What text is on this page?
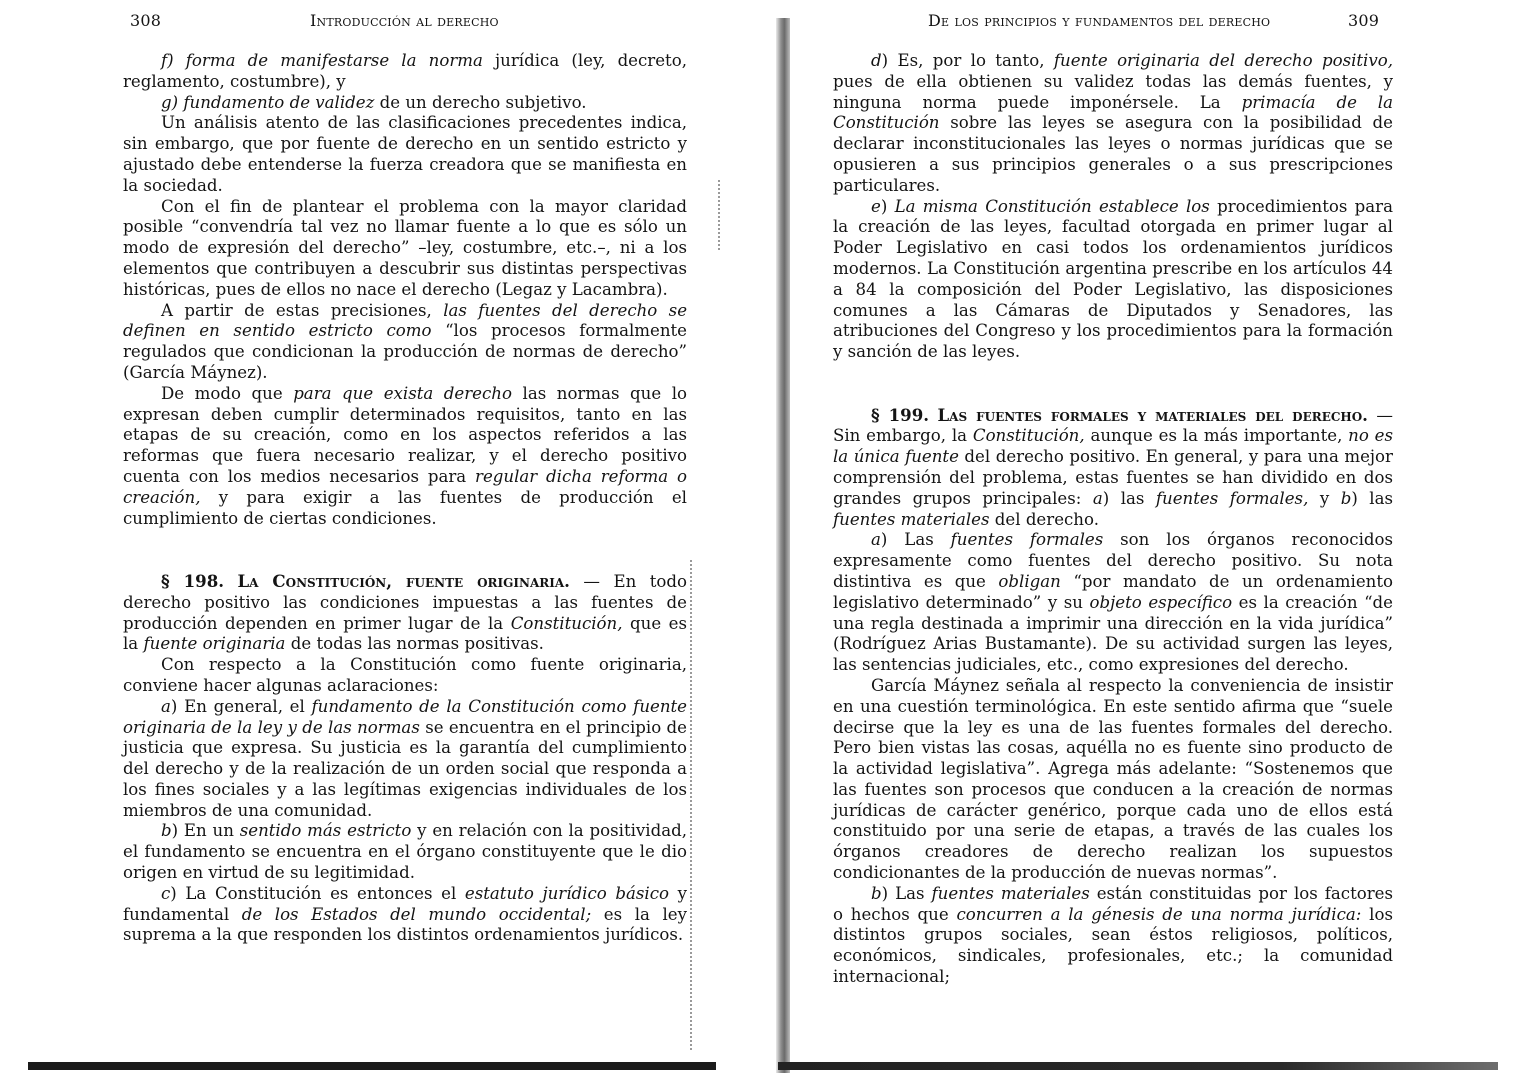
308	Introducción al derecho

f) forma de manifestarse la norma jurídica (ley, decreto, reglamento, costumbre), y

g) fundamento de validez de un derecho subjetivo.

Un análisis atento de las clasificaciones precedentes indica, sin embargo, que por fuente de derecho en un sentido estricto y ajustado debe entenderse la fuerza creadora que se manifiesta en la sociedad.

Con el fin de plantear el problema con la mayor claridad posible “convendría tal vez no llamar fuente a lo que es sólo un modo de expresión del derecho” –ley, costumbre, etc.–, ni a los elementos que contribuyen a descubrir sus distintas perspectivas históricas, pues de ellos no nace el derecho (Legaz y Lacambra).

A partir de estas precisiones, las fuentes del derecho se definen en sentido estricto como “los procesos formalmente regulados que condicionan la producción de normas de derecho” (García Máynez).

De modo que para que exista derecho las normas que lo expresan deben cumplir determinados requisitos, tanto en las etapas de su creación, como en los aspectos referidos a las reformas que fuera necesario realizar, y el derecho positivo cuenta con los medios necesarios para regular dicha reforma o creación, y para exigir a las fuentes de producción el cumplimiento de ciertas condiciones.

§ 198. La Constitución, fuente originaria. — En todo derecho positivo las condiciones impuestas a las fuentes de producción dependen en primer lugar de la Constitución, que es la fuente originaria de todas las normas positivas.

Con respecto a la Constitución como fuente originaria, conviene hacer algunas aclaraciones:

a) En general, el fundamento de la Constitución como fuente originaria de la ley y de las normas se encuentra en el principio de justicia que expresa. Su justicia es la garantía del cumplimiento del derecho y de la realización de un orden social que responda a los fines sociales y a las legítimas exigencias individuales de los miembros de una comunidad.

b) En un sentido más estricto y en relación con la positividad, el fundamento se encuentra en el órgano constituyente que le dio origen en virtud de su legitimidad.

c) La Constitución es entonces el estatuto jurídico básico y fundamental de los Estados del mundo occidental; es la ley suprema a la que responden los distintos ordenamientos jurídicos.

De los principios y fundamentos del derecho	309

d) Es, por lo tanto, fuente originaria del derecho positivo, pues de ella obtienen su validez todas las demás fuentes, y ninguna norma puede imponérsele. La primacía de la Constitución sobre las leyes se asegura con la posibilidad de declarar inconstitucionales las leyes o normas jurídicas que se opusieren a sus principios generales o a sus prescripciones particulares.

e) La misma Constitución establece los procedimientos para la creación de las leyes, facultad otorgada en primer lugar al Poder Legislativo en casi todos los ordenamientos jurídicos modernos. La Constitución argentina prescribe en los artículos 44 a 84 la composición del Poder Legislativo, las disposiciones comunes a las Cámaras de Diputados y Senadores, las atribuciones del Congreso y los procedimientos para la formación y sanción de las leyes.

§ 199. Las fuentes formales y materiales del derecho. — Sin embargo, la Constitución, aunque es la más importante, no es la única fuente del derecho positivo. En general, y para una mejor comprensión del problema, estas fuentes se han dividido en dos grandes grupos principales: a) las fuentes formales, y b) las fuentes materiales del derecho.

a) Las fuentes formales son los órganos reconocidos expresamente como fuentes del derecho positivo. Su nota distintiva es que obligan “por mandato de un ordenamiento legislativo determinado” y su objeto específico es la creación “de una regla destinada a imprimir una dirección en la vida jurídica” (Rodríguez Arias Bustamante). De su actividad surgen las leyes, las sentencias judiciales, etc., como expresiones del derecho.

García Máynez señala al respecto la conveniencia de insistir en una cuestión terminológica. En este sentido afirma que “suele decirse que la ley es una de las fuentes formales del derecho. Pero bien vistas las cosas, aquélla no es fuente sino producto de la actividad legislativa”. Agrega más adelante: “Sostenemos que las fuentes son procesos que conducen a la creación de normas jurídicas de carácter genérico, porque cada uno de ellos está constituido por una serie de etapas, a través de las cuales los órganos creadores de derecho realizan los supuestos condicionantes de la producción de nuevas normas”.

b) Las fuentes materiales están constituidas por los factores o hechos que concurren a la génesis de una norma jurídica: los distintos grupos sociales, sean éstos religiosos, políticos, económicos, sindicales, profesionales, etc.; la comunidad internacional;
